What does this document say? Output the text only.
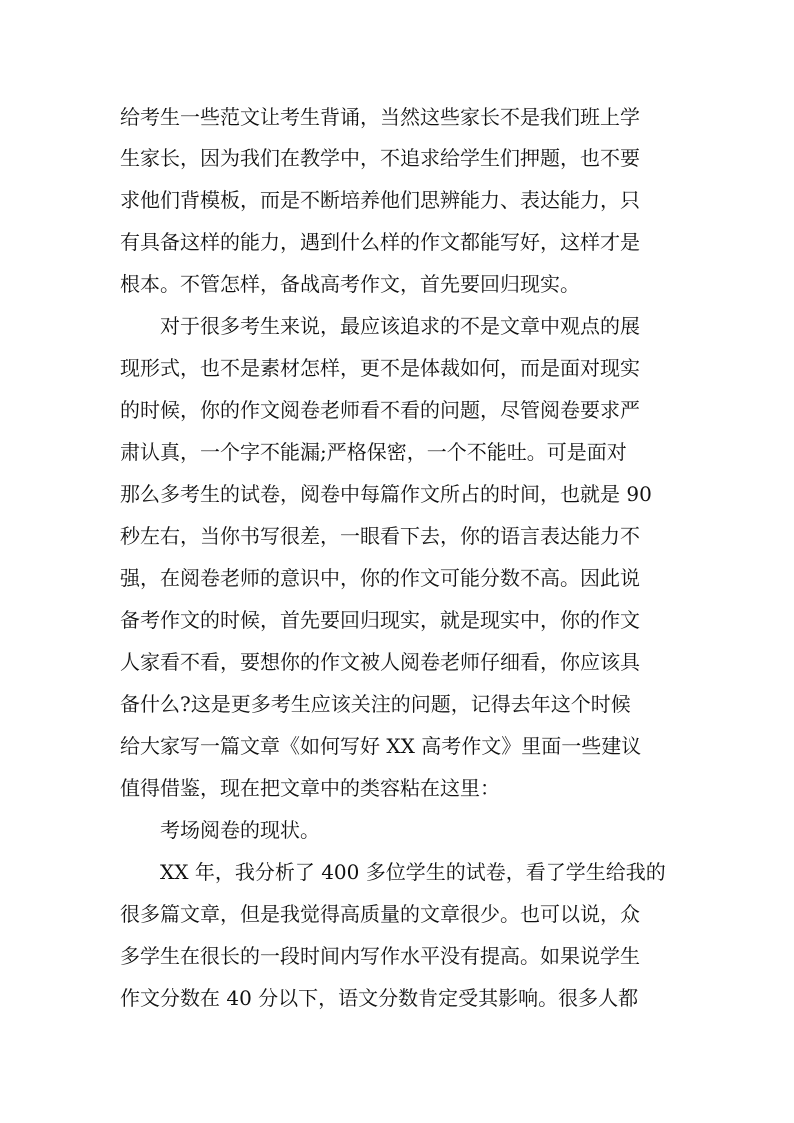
给考生一些范文让考生背诵，当然这些家长不是我们班上学
生家长，因为我们在教学中，不追求给学生们押题，也不要
求他们背模板，而是不断培养他们思辨能力、表达能力，只
有具备这样的能力，遇到什么样的作文都能写好，这样才是
根本。不管怎样，备战高考作文，首先要回归现实。
对于很多考生来说，最应该追求的不是文章中观点的展
现形式，也不是素材怎样，更不是体裁如何，而是面对现实
的时候，你的作文阅卷老师看不看的问题，尽管阅卷要求严
肃认真，一个字不能漏;严格保密，一个不能吐。可是面对
那么多考生的试卷，阅卷中每篇作文所占的时间，也就是 90
秒左右，当你书写很差，一眼看下去，你的语言表达能力不
强，在阅卷老师的意识中，你的作文可能分数不高。因此说
备考作文的时候，首先要回归现实，就是现实中，你的作文
人家看不看，要想你的作文被人阅卷老师仔细看，你应该具
备什么?这是更多考生应该关注的问题，记得去年这个时候
给大家写一篇文章《如何写好 XX 高考作文》里面一些建议
值得借鉴，现在把文章中的类容粘在这里：
考场阅卷的现状。
XX 年，我分析了 400 多位学生的试卷，看了学生给我的
很多篇文章，但是我觉得高质量的文章很少。也可以说，众
多学生在很长的一段时间内写作水平没有提高。如果说学生
作文分数在 40 分以下，语文分数肯定受其影响。很多人都
